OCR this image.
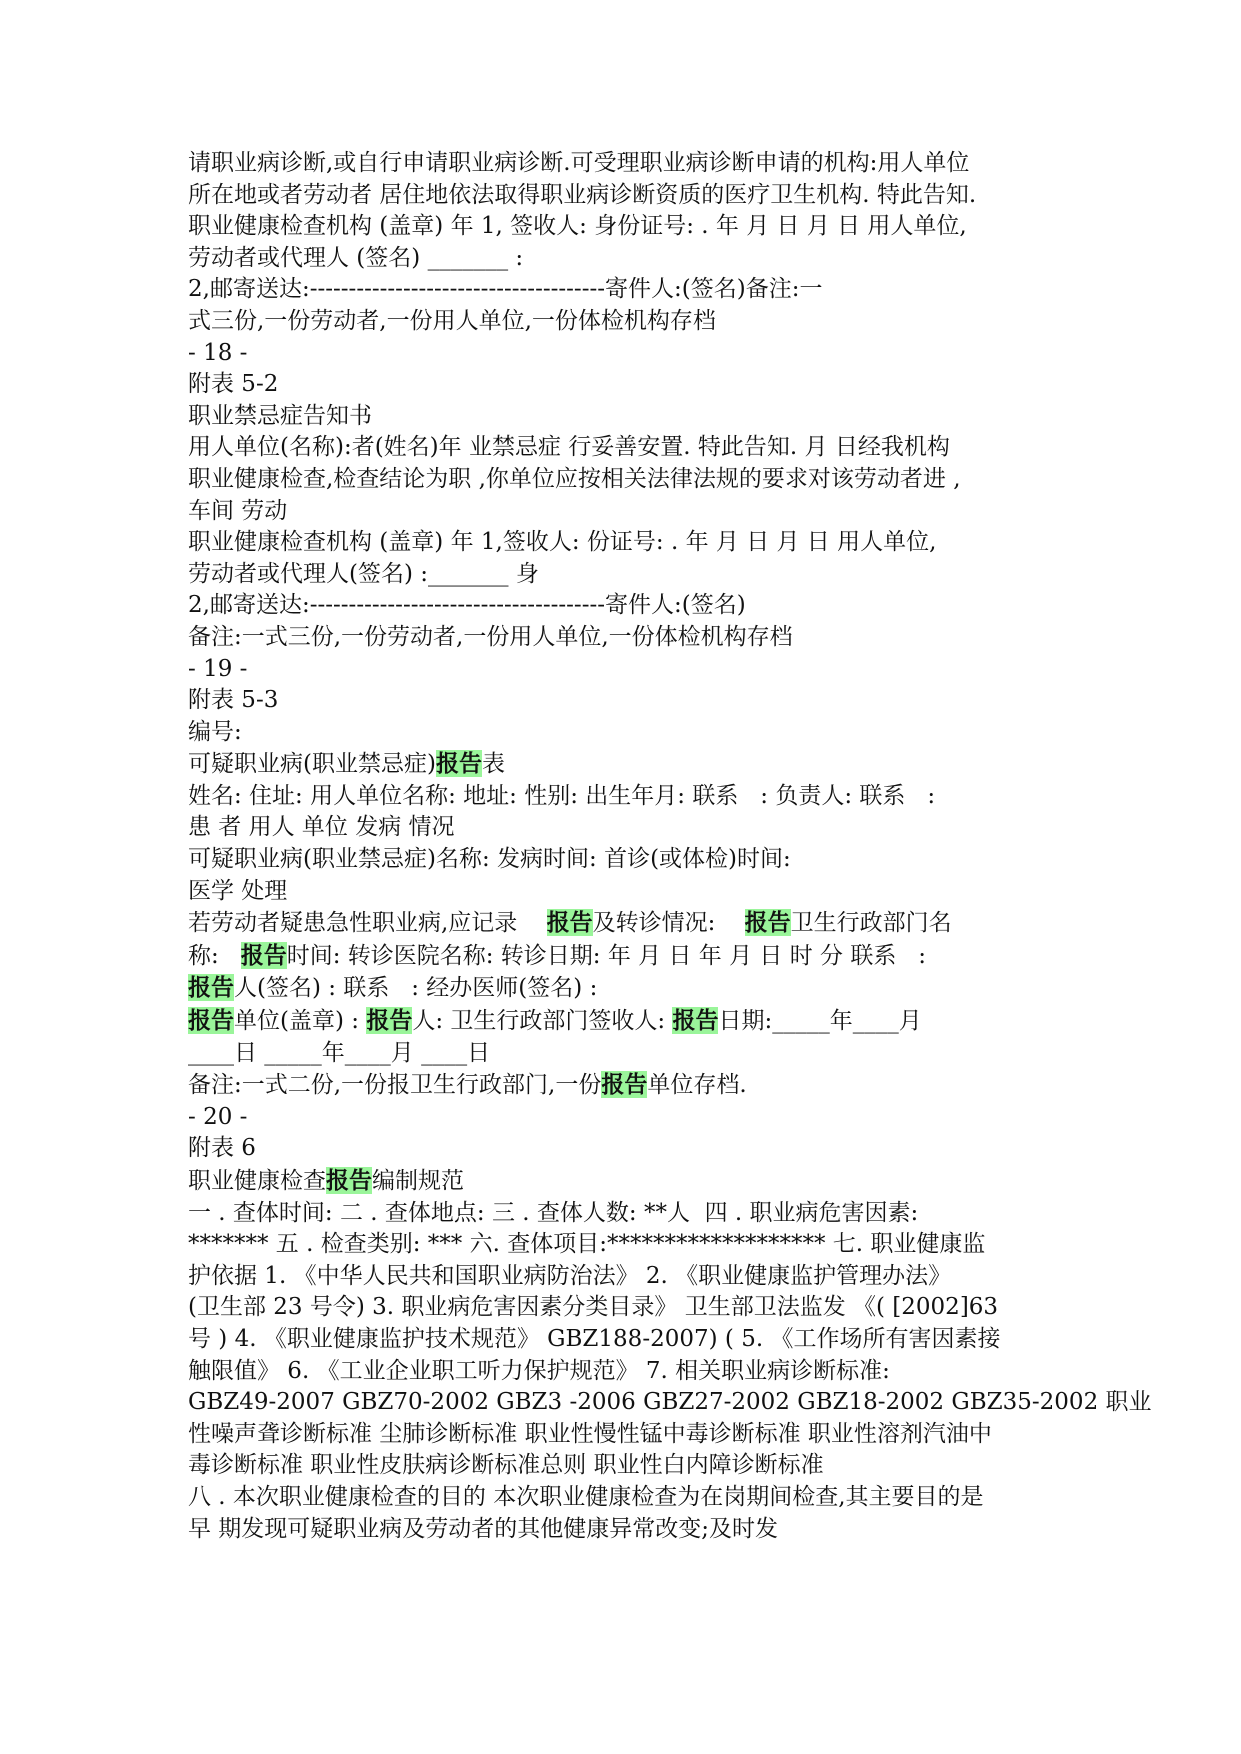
请职业病诊断,或自行申请职业病诊断.可受理职业病诊断申请的机构:用人单位
所在地或者劳动者 居住地依法取得职业病诊断资质的医疗卫生机构. 特此告知.
职业健康检查机构 (盖章) 年 1, 签收人: 身份证号: . 年 月 日 月 日 用人单位,
劳动者或代理人 (签名) _______ :
2,邮寄送达:--------------------------------------寄件人:(签名)备注:一
式三份,一份劳动者,一份用人单位,一份体检机构存档
- 18 -
附表 5-2
职业禁忌症告知书
用人单位(名称):者(姓名)年 业禁忌症 行妥善安置. 特此告知. 月 日经我机构
职业健康检查,检查结论为职 ,你单位应按相关法律法规的要求对该劳动者进 ,
车间 劳动
职业健康检查机构 (盖章) 年 1,签收人: 份证号: . 年 月 日 月 日 用人单位,
劳动者或代理人(签名) :_______ 身
2,邮寄送达:--------------------------------------寄件人:(签名)
备注:一式三份,一份劳动者,一份用人单位,一份体检机构存档
- 19 -
附表 5-3
编号:
可疑职业病(职业禁忌症)报告表
姓名: 住址: 用人单位名称: 地址: 性别: 出生年月: 联系   : 负责人: 联系   :
患 者 用人 单位 发病 情况
可疑职业病(职业禁忌症)名称: 发病时间: 首诊(或体检)时间:
医学 处理
若劳动者疑患急性职业病,应记录    报告及转诊情况:    报告卫生行政部门名
称:   报告时间: 转诊医院名称: 转诊日期: 年 月 日 年 月 日 时 分 联系   :
报告人(签名) : 联系   : 经办医师(签名) :
报告单位(盖章) : 报告人: 卫生行政部门签收人: 报告日期:_____年____月
____日 _____年____月 ____日
备注:一式二份,一份报卫生行政部门,一份报告单位存档.
- 20 -
附表 6
职业健康检查报告编制规范
一 . 查体时间: 二 . 查体地点: 三 . 查体人数: **人  四 . 职业病危害因素:
******* 五 . 检查类别: *** 六. 查体项目:******************* 七. 职业健康监
护依据 1. 《中华人民共和国职业病防治法》 2. 《职业健康监护管理办法》
(卫生部 23 号令) 3. 职业病危害因素分类目录》 卫生部卫法监发 《( [2002]63
号 ) 4. 《职业健康监护技术规范》 GBZ188-2007) ( 5. 《工作场所有害因素接
触限值》 6. 《工业企业职工听力保护规范》 7. 相关职业病诊断标准:
GBZ49-2007 GBZ70-2002 GBZ3 -2006 GBZ27-2002 GBZ18-2002 GBZ35-2002 职业
性噪声聋诊断标准 尘肺诊断标准 职业性慢性锰中毒诊断标准 职业性溶剂汽油中
毒诊断标准 职业性皮肤病诊断标准总则 职业性白内障诊断标准
八 . 本次职业健康检查的目的 本次职业健康检查为在岗期间检查,其主要目的是
早 期发现可疑职业病及劳动者的其他健康异常改变;及时发
